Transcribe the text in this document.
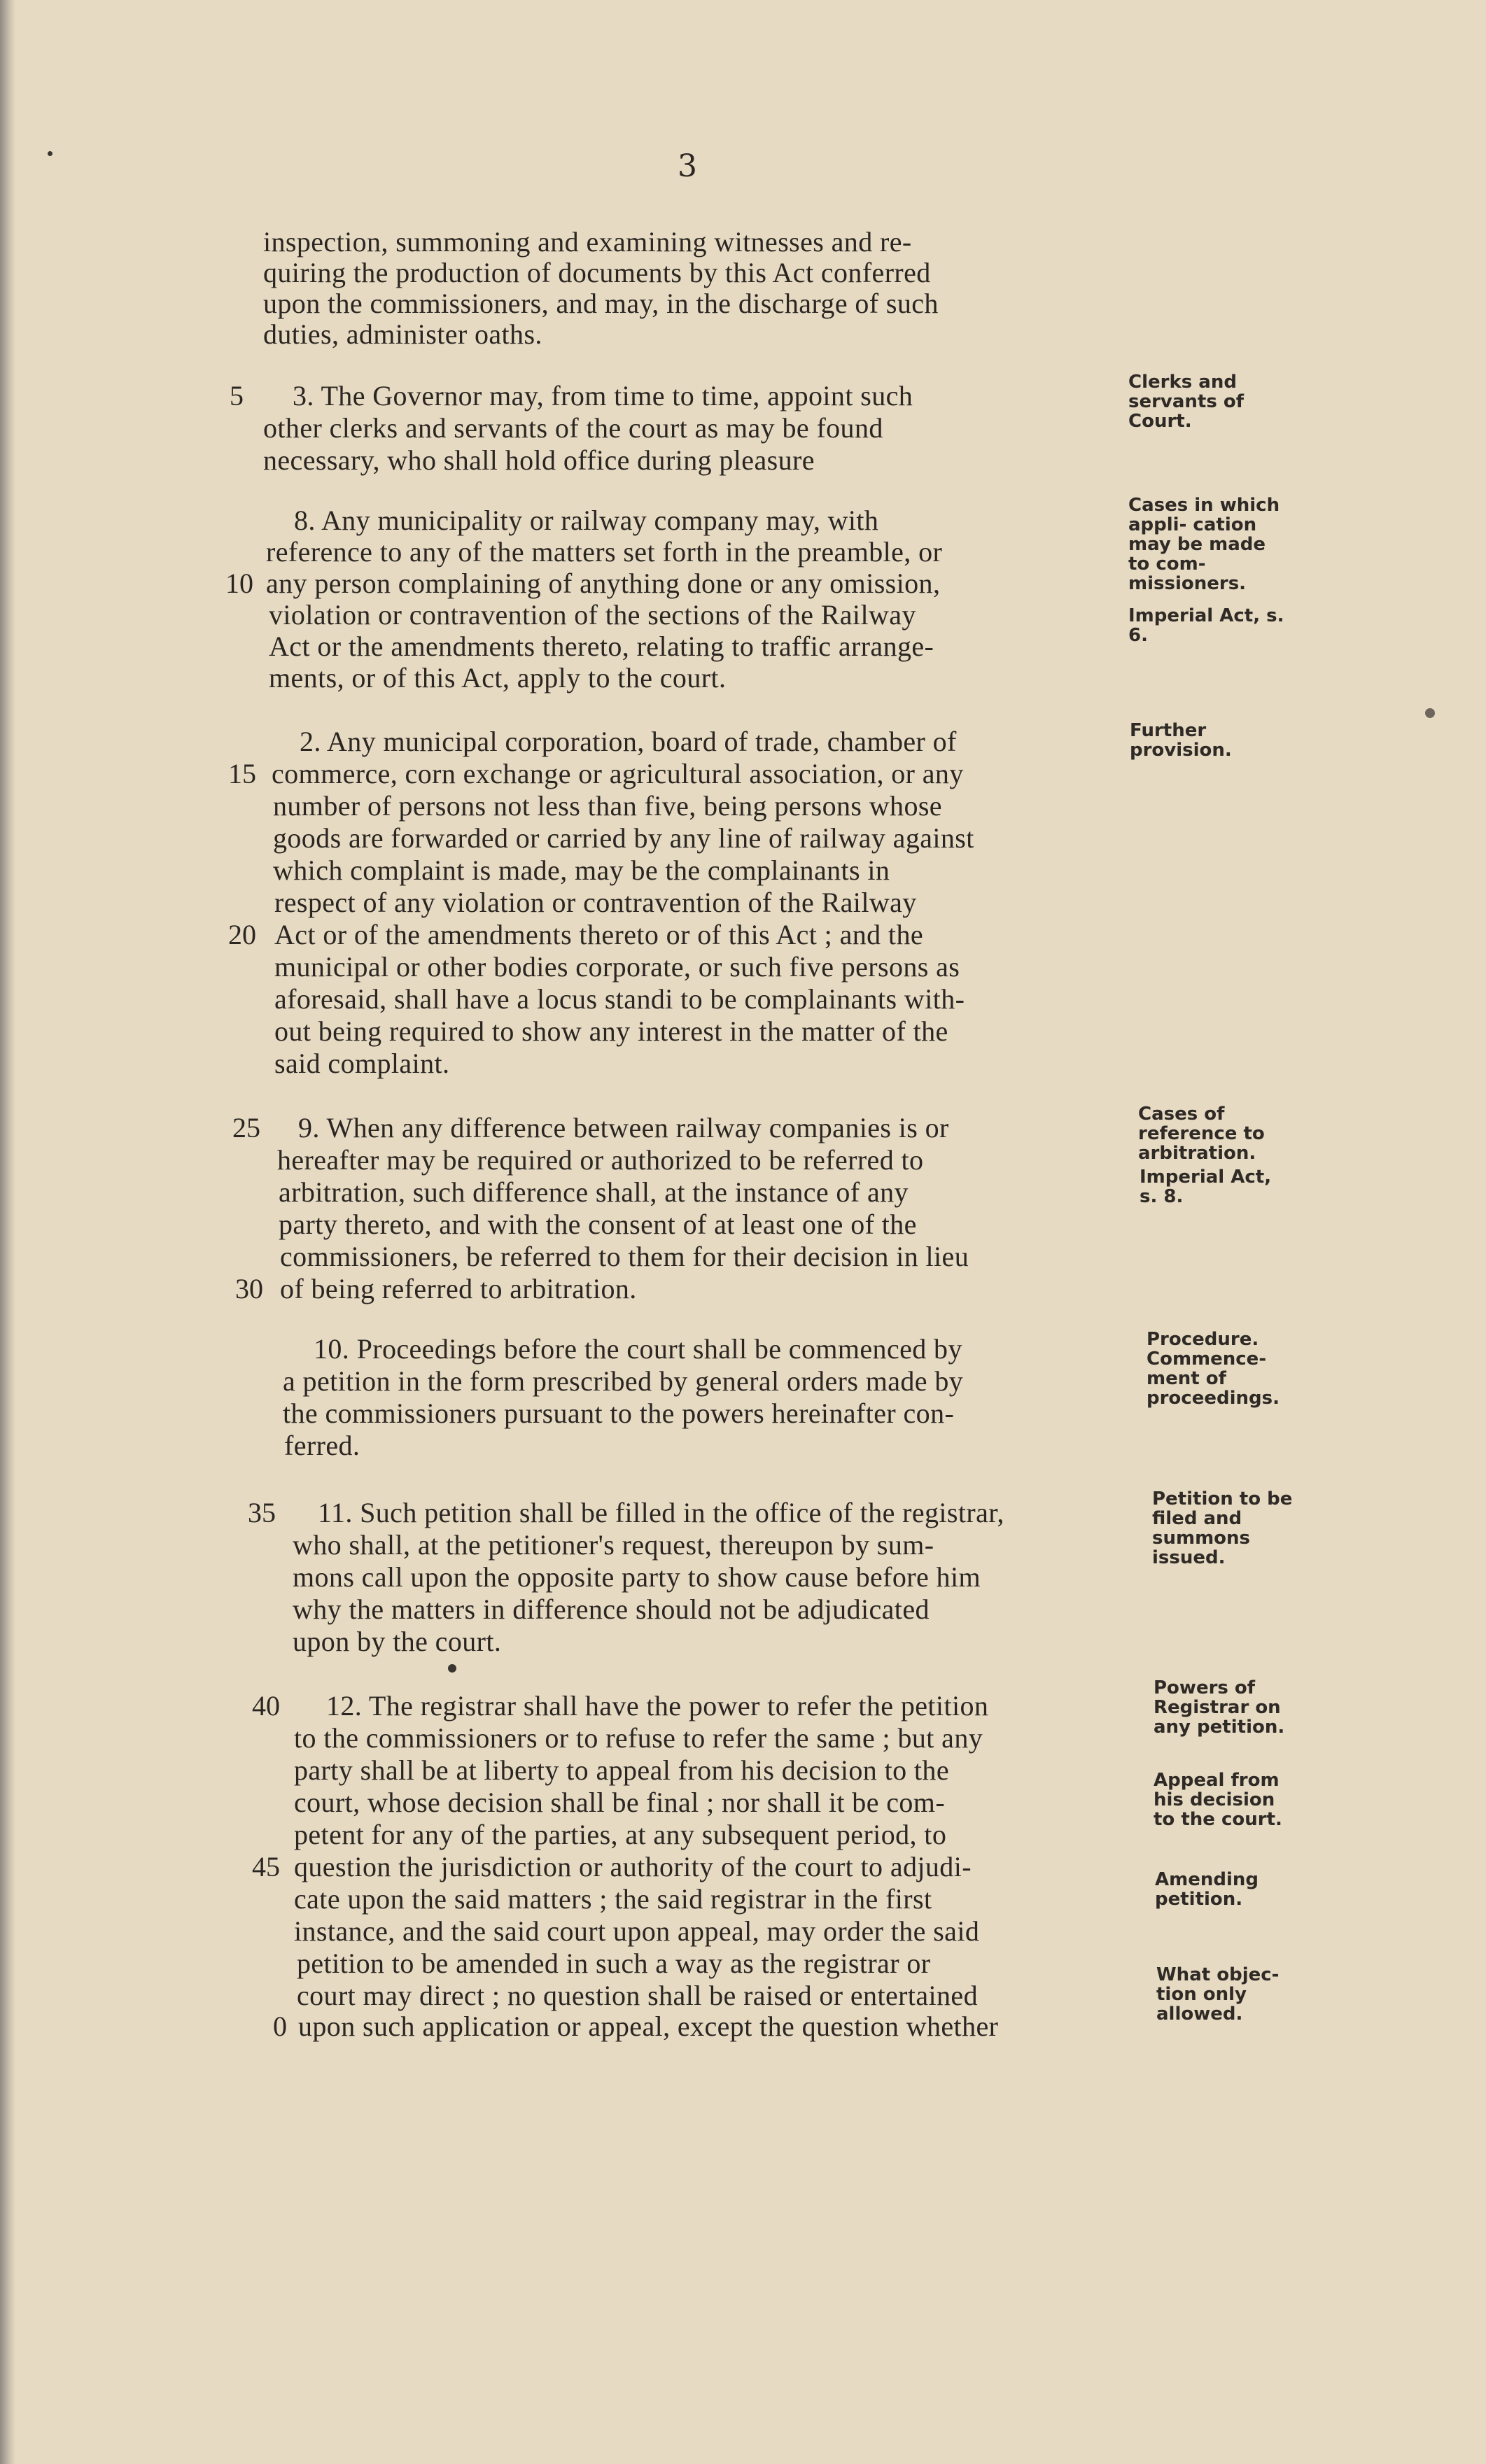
3
inspection, summoning and examining witnesses and re-
quiring the production of documents by this Act conferred
upon the commissioners, and may, in the discharge of such
duties, administer oaths.
5	3. The Governor may, from time to time, appoint such
other clerks and servants of the court as may be found
necessary, who shall hold office during pleasure
Clerks and servants of Court.
8. Any municipality or railway company may, with
reference to any of the matters set forth in the preamble, or
10 any person complaining of anything done or any omission,
violation or contravention of the sections of the Railway
Act or the amendments thereto, relating to traffic arrange-
ments, or of this Act, apply to the court.
Cases in which appli- cation may be made to com- missioners.
Imperial Act, s. 6.
2. Any municipal corporation, board of trade, chamber of
15 commerce, corn exchange or agricultural association, or any
number of persons not less than five, being persons whose
goods are forwarded or carried by any line of railway against
which complaint is made, may be the complainants in
respect of any violation or contravention of the Railway
20 Act or of the amendments thereto or of this Act ; and the
municipal or other bodies corporate, or such five persons as
aforesaid, shall have a locus standi to be complainants with-
out being required to show any interest in the matter of the
said complaint.
Further provision.
25	9. When any difference between railway companies is or
hereafter may be required or authorized to be referred to
arbitration, such difference shall, at the instance of any
party thereto, and with the consent of at least one of the
commissioners, be referred to them for their decision in lieu
30 of being referred to arbitration.
Cases of reference to arbitration.
Imperial Act, s. 8.
10. Proceedings before the court shall be commenced by
a petition in the form prescribed by general orders made by
the commissioners pursuant to the powers hereinafter con-
ferred.
Procedure. Commence- ment of proceedings.
35	11. Such petition shall be filled in the office of the registrar,
who shall, at the petitioner's request, thereupon by sum-
mons call upon the opposite party to show cause before him
why the matters in difference should not be adjudicated
upon by the court.
Petition to be filed and summons issued.
40	12. The registrar shall have the power to refer the petition
to the commissioners or to refuse to refer the same ; but any
party shall be at liberty to appeal from his decision to the
court, whose decision shall be final ; nor shall it be com-
petent for any of the parties, at any subsequent period, to
45 question the jurisdiction or authority of the court to adjudi-
cate upon the said matters ; the said registrar in the first
instance, and the said court upon appeal, may order the said
petition to be amended in such a way as the registrar or
court may direct ; no question shall be raised or entertained
0 upon such application or appeal, except the question whether
Powers of Registrar on any petition.
Appeal from his decision to the court.
Amending petition.
What objec- tion only allowed.
